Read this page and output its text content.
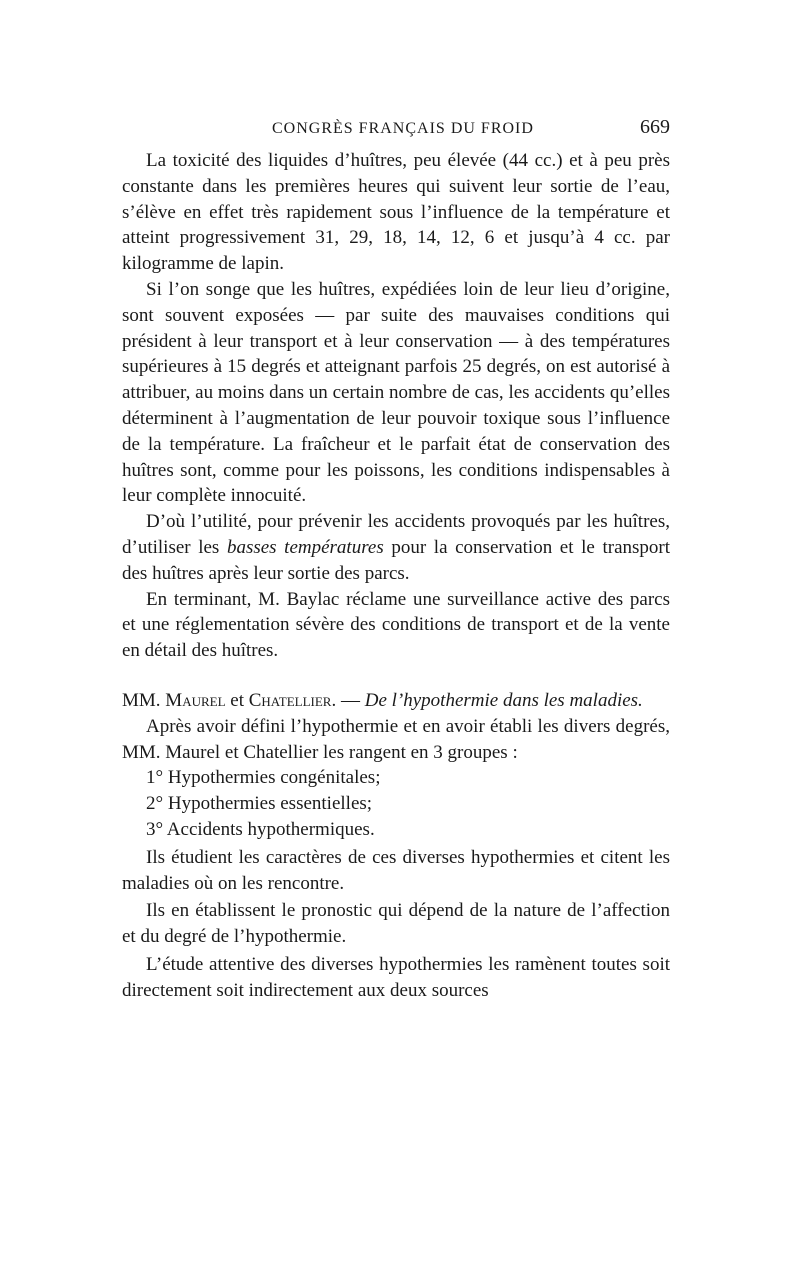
CONGRÈS FRANÇAIS DU FROID	669

La toxicité des liquides d’huîtres, peu élevée (44 cc.) et à peu près constante dans les premières heures qui suivent leur sortie de l’eau, s’élève en effet très rapidement sous l’influence de la température et atteint progressivement 31, 29, 18, 14, 12, 6 et jusqu’à 4 cc. par kilogramme de lapin.

Si l’on songe que les huîtres, expédiées loin de leur lieu d’origine, sont souvent exposées — par suite des mauvaises conditions qui président à leur transport et à leur conservation — à des températures supérieures à 15 degrés et atteignant parfois 25 degrés, on est autorisé à attribuer, au moins dans un certain nombre de cas, les accidents qu’elles déterminent à l’augmentation de leur pouvoir toxique sous l’influence de la température. La fraîcheur et le parfait état de conservation des huîtres sont, comme pour les poissons, les conditions indispensables à leur complète innocuité.

D’où l’utilité, pour prévenir les accidents provoqués par les huîtres, d’utiliser les basses températures pour la conservation et le transport des huîtres après leur sortie des parcs.

En terminant, M. Baylac réclame une surveillance active des parcs et une réglementation sévère des conditions de transport et de la vente en détail des huîtres.

MM. Maurel et Chatellier. — De l’hypothermie dans les maladies.

Après avoir défini l’hypothermie et en avoir établi les divers degrés, MM. Maurel et Chatellier les rangent en 3 groupes :

1° Hypothermies congénitales;

2° Hypothermies essentielles;

3° Accidents hypothermiques.

Ils étudient les caractères de ces diverses hypothermies et citent les maladies où on les rencontre.

Ils en établissent le pronostic qui dépend de la nature de l’affection et du degré de l’hypothermie.

L’étude attentive des diverses hypothermies les ramènent toutes soit directement soit indirectement aux deux sources
